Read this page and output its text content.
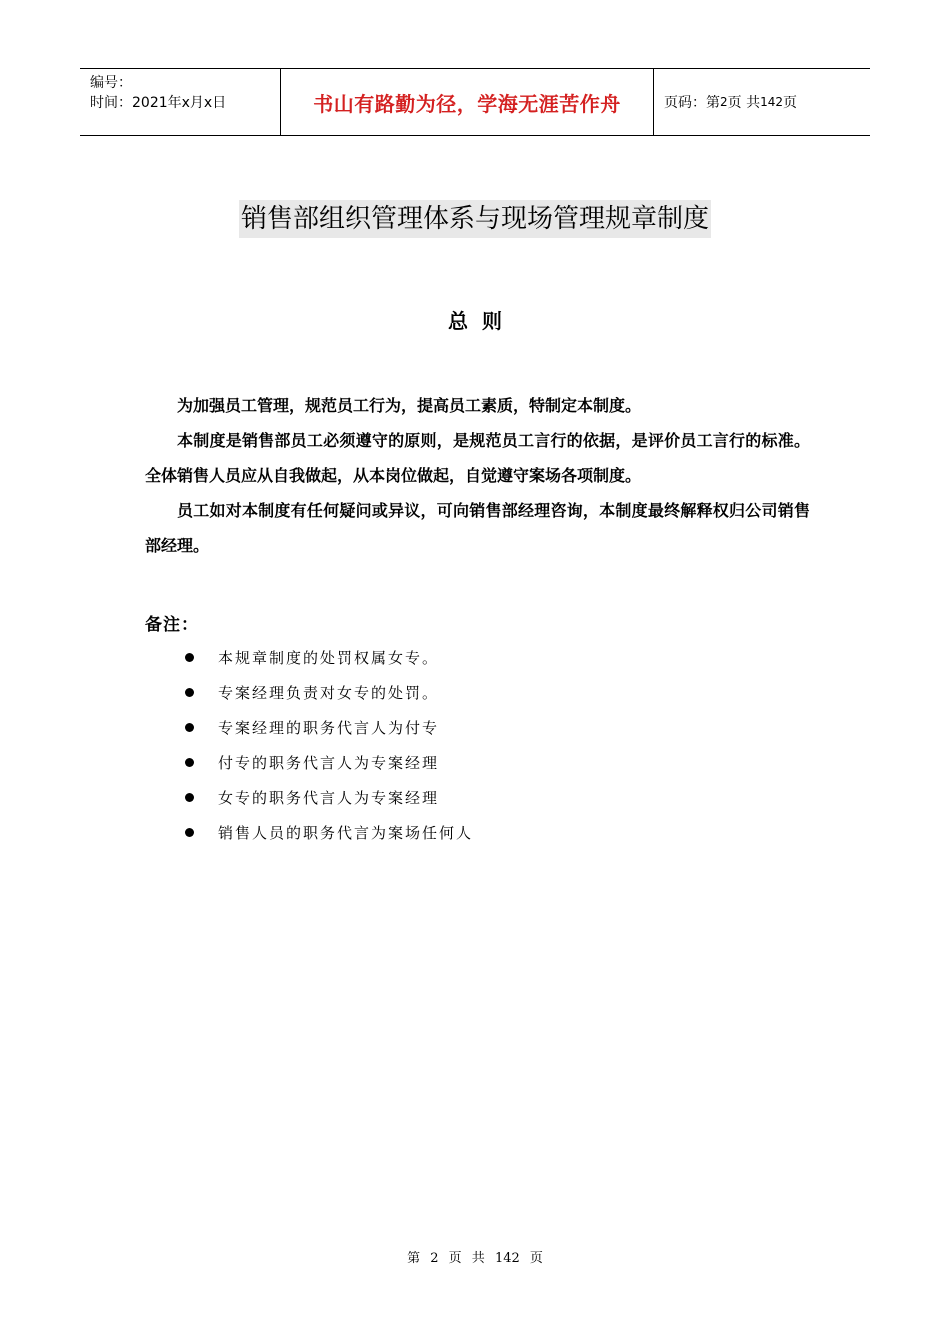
编号：
时间：2021年x月x日	书山有路勤为径，学海无涯苦作舟	页码：第 2 页 共 142 页
销售部组织管理体系与现场管理规章制度
总则

为加强员工管理，规范员工行为，提高员工素质，特制定本制度。

本制度是销售部员工必须遵守的原则，是规范员工言行的依据，是评价员工言行的标准。全体销售人员应从自我做起，从本岗位做起，自觉遵守案场各项制度。

员工如对本制度有任何疑问或异议，可向销售部经理咨询，本制度最终解释权归公司销售部经理。

备注：
本规章制度的处罚权属女专。
专案经理负责对女专的处罚。
专案经理的职务代言人为付专
付专的职务代言人为专案经理
女专的职务代言人为专案经理
销售人员的职务代言为案场任何人
第 2 页 共 142 页
